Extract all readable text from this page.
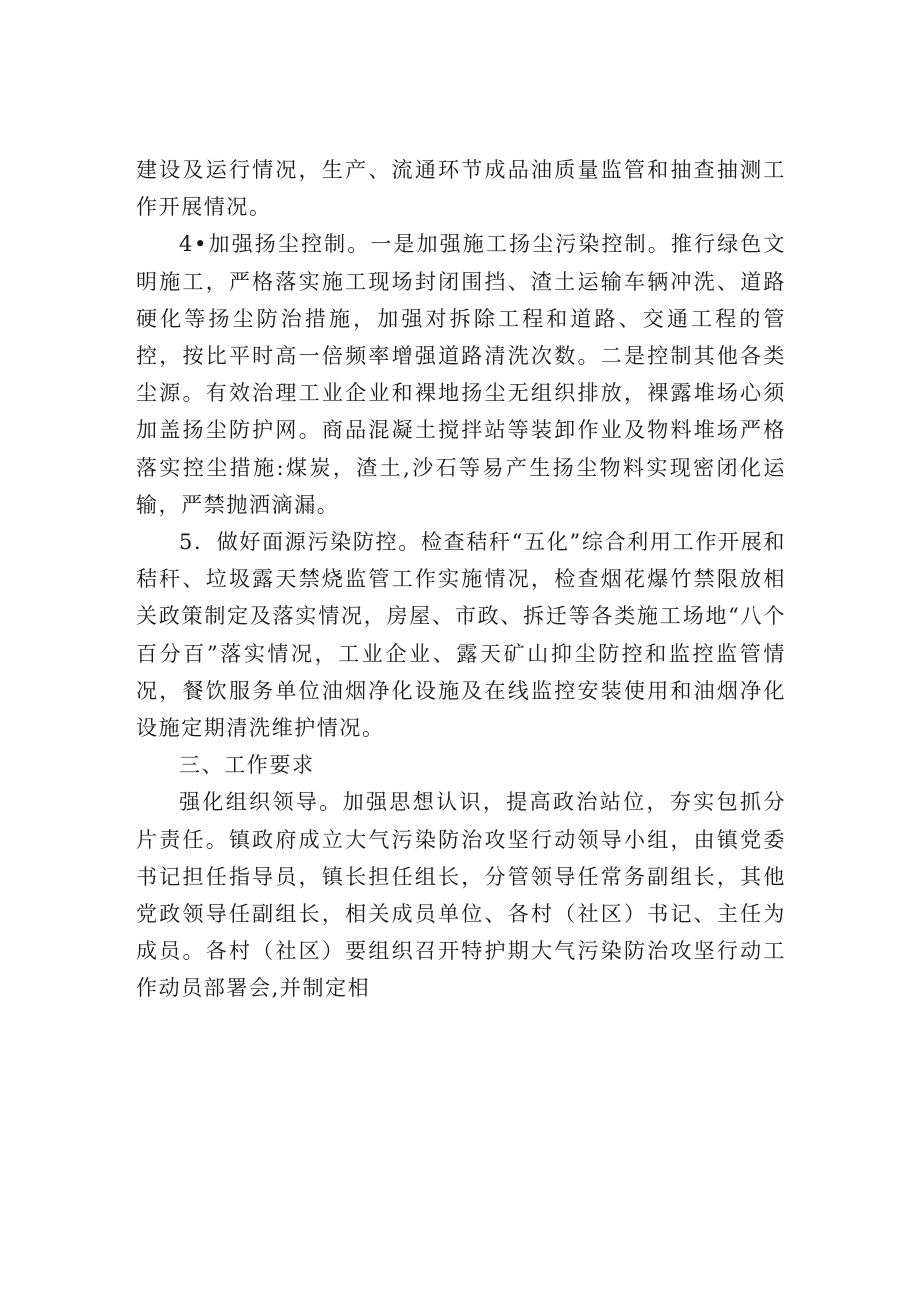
建设及运行情况，生产、流通环节成品油质量监管和抽查抽测工作开展情况。

4•加强扬尘控制。一是加强施工扬尘污染控制。推行绿色文明施工，严格落实施工现场封闭围挡、渣土运输车辆冲洗、道路硬化等扬尘防治措施，加强对拆除工程和道路、交通工程的管控，按比平时高一倍频率增强道路清洗次数。二是控制其他各类尘源。有效治理工业企业和裸地扬尘无组织排放，裸露堆场心须加盖扬尘防护网。商品混凝土搅拌站等装卸作业及物料堆场严格落实控尘措施:煤炭，渣土,沙石等易产生扬尘物料实现密闭化运输，严禁抛洒滴漏。

5．做好面源污染防控。检查秸秆“五化”综合利用工作开展和秸秆、垃圾露天禁烧监管工作实施情况，检查烟花爆竹禁限放相关政策制定及落实情况，房屋、市政、拆迁等各类施工场地“八个百分百”落实情况，工业企业、露天矿山抑尘防控和监控监管情况，餐饮服务单位油烟净化设施及在线监控安装使用和油烟净化设施定期清洗维护情况。

三、工作要求

强化组织领导。加强思想认识，提高政治站位，夯实包抓分片责任。镇政府成立大气污染防治攻坚行动领导小组，由镇党委书记担任指导员，镇长担任组长，分管领导任常务副组长，其他党政领导任副组长，相关成员单位、各村（社区）书记、主任为成员。各村（社区）要组织召开特护期大气污染防治攻坚行动工作动员部署会,并制定相
